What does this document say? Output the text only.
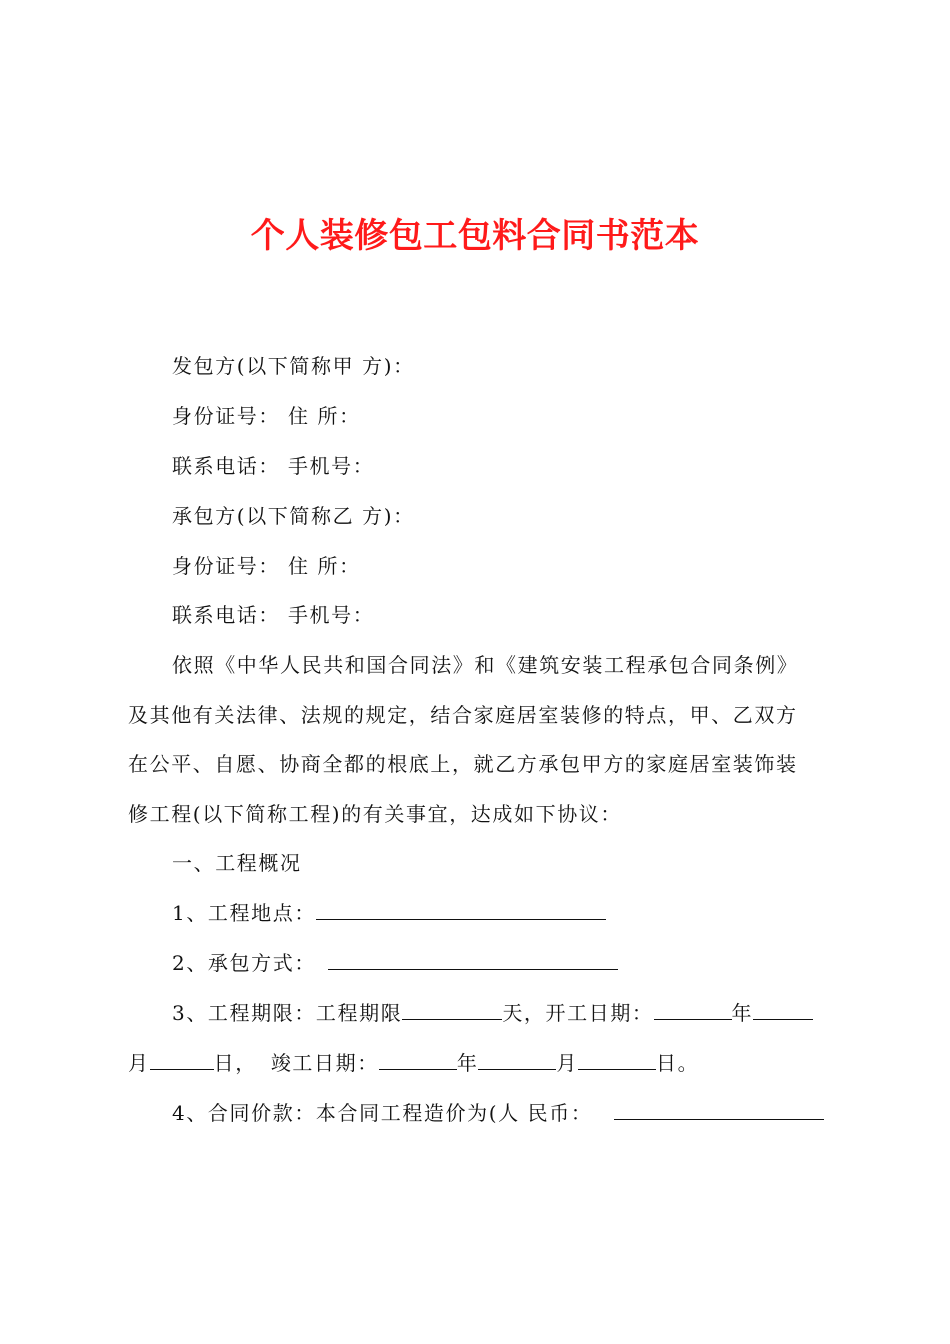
个人装修包工包料合同书范本
发包方(以下简称甲 方)：
身份证号： 住 所：
联系电话： 手机号：
承包方(以下简称乙 方)：
身份证号： 住 所：
联系电话： 手机号：
依照《中华人民共和国合同法》和《建筑安装工程承包合同条例》
及其他有关法律、法规的规定，结合家庭居室装修的特点，甲、乙双方
在公平、自愿、协商全都的根底上，就乙方承包甲方的家庭居室装饰装
修工程(以下简称工程)的有关事宜，达成如下协议：
一、工程概况
1、工程地点：
2、承包方式：
3、工程期限：工程期限	天，开工日期：	年
月	日， 竣工日期：	年	月	日。
4、合同价款：本合同工程造价为(人 民币：
